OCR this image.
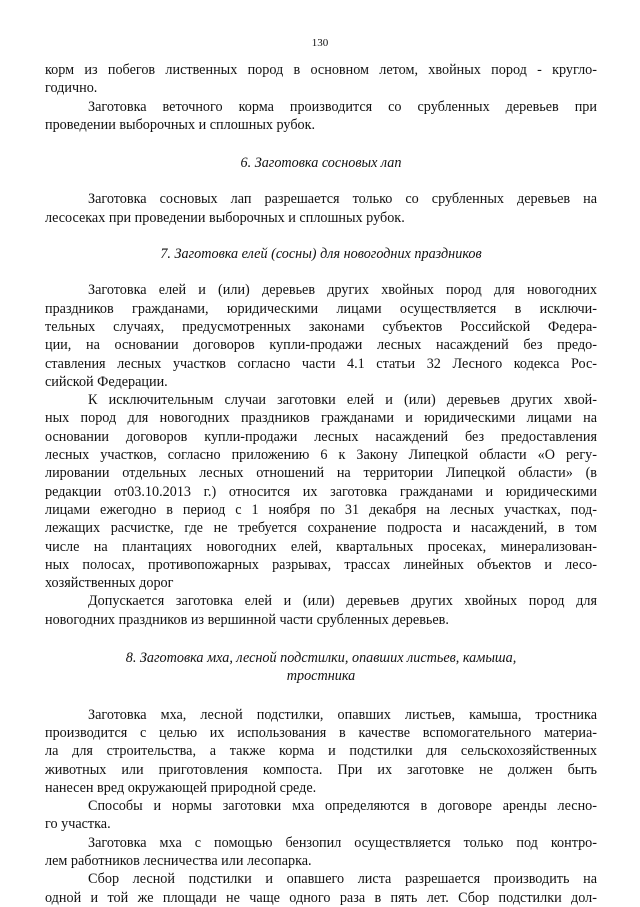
130
корм из побегов лиственных пород в основном летом, хвойных пород - кругло-
годично.
Заготовка веточного корма производится со срубленных деревьев при
проведении выборочных и сплошных рубок.
6. Заготовка сосновых лап
Заготовка сосновых лап разрешается только со срубленных деревьев на
лесосеках при проведении выборочных и сплошных рубок.
7. Заготовка елей (сосны) для новогодних праздников
Заготовка елей и (или) деревьев других хвойных пород для новогодних
праздников гражданами, юридическими лицами осуществляется в исключи-
тельных случаях, предусмотренных законами субъектов Российской Федера-
ции, на основании договоров купли-продажи лесных насаждений без предо-
ставления лесных участков согласно части 4.1 статьи 32 Лесного кодекса Рос-
сийской Федерации.
К исключительным случаи заготовки елей и (или) деревьев других хвой-
ных пород для новогодних праздников гражданами и юридическими лицами на
основании договоров купли-продажи лесных насаждений без предоставления
лесных участков, согласно приложению 6 к Закону Липецкой области «О регу-
лировании отдельных лесных отношений на территории Липецкой области» (в
редакции от03.10.2013 г.) относится их заготовка гражданами и юридическими
лицами ежегодно в период с 1 ноября по 31 декабря на лесных участках, под-
лежащих расчистке, где не требуется сохранение подроста и насаждений, в том
числе на плантациях новогодних елей, квартальных просеках, минерализован-
ных полосах, противопожарных разрывах, трассах линейных объектов и лесо-
хозяйственных дорог
Допускается заготовка елей и (или) деревьев других хвойных пород для
новогодних праздников из вершинной части срубленных деревьев.
8. Заготовка мха, лесной подстилки, опавших листьев, камыша,
тростника
Заготовка мха, лесной подстилки, опавших листьев, камыша, тростника
производится с целью их использования в качестве вспомогательного материа-
ла для строительства, а также корма и подстилки для сельскохозяйственных
животных или приготовления компоста. При их заготовке не должен быть
нанесен вред окружающей природной среде.
Способы и нормы заготовки мха определяются в договоре аренды лесно-
го участка.
Заготовка мха с помощью бензопил осуществляется только под контро-
лем работников лесничества или лесопарка.
Сбор лесной подстилки и опавшего листа разрешается производить на
одной и той же площади не чаще одного раза в пять лет. Сбор подстилки дол-
